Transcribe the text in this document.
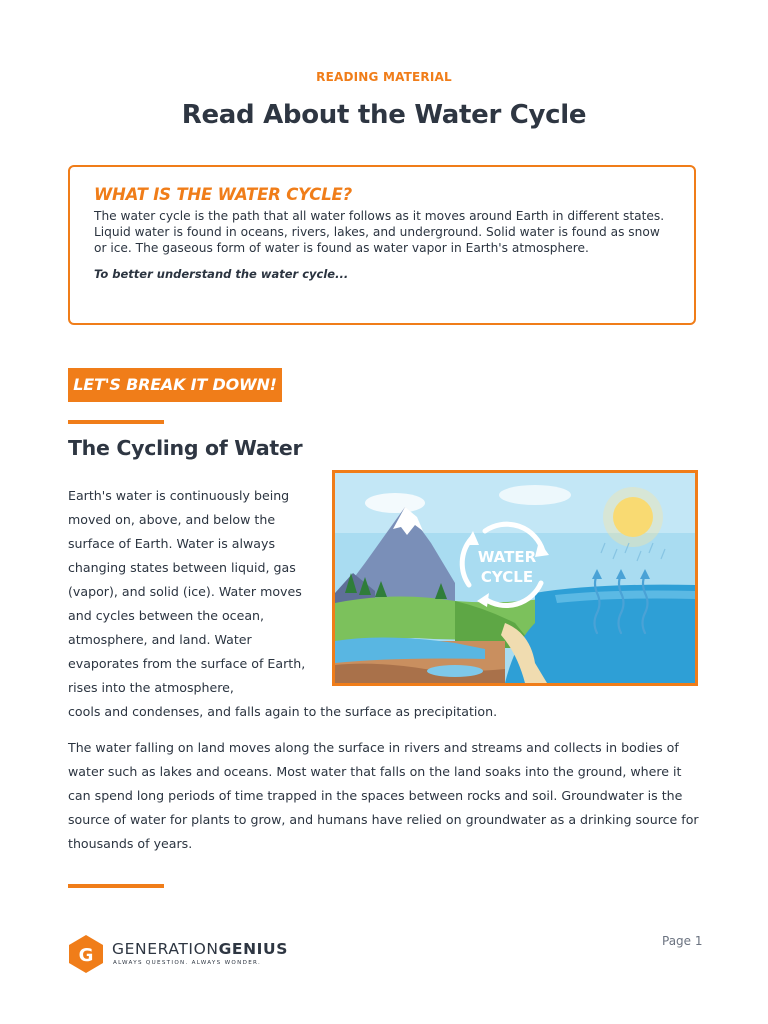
READING MATERIAL
Read About the Water Cycle
WHAT IS THE WATER CYCLE?

The water cycle is the path that all water follows as it moves around Earth in different states. Liquid water is found in oceans, rivers, lakes, and underground. Solid water is found as snow or ice. The gaseous form of water is found as water vapor in Earth's atmosphere.

To better understand the water cycle...

LET'S BREAK IT DOWN!
The Cycling of Water
Earth's water is continuously being moved on, above, and below the surface of Earth. Water is always changing states between liquid, gas (vapor), and solid (ice). Water moves and cycles between the ocean, atmosphere, and land. Water evaporates from the surface of Earth, rises into the atmosphere,
cools and condenses, and falls again to the surface as precipitation.
The water falling on land moves along the surface in rivers and streams and collects in bodies of water such as lakes and oceans. Most water that falls on the land soaks into the ground, where it can spend long periods of time trapped in the spaces between rocks and soil. Groundwater is the source of water for plants to grow, and humans have relied on groundwater as a drinking source for thousands of years.
WATER
CYCLE
G GENERATIONGENIUS
ALWAYS QUESTION. ALWAYS WONDER.
Page 1
